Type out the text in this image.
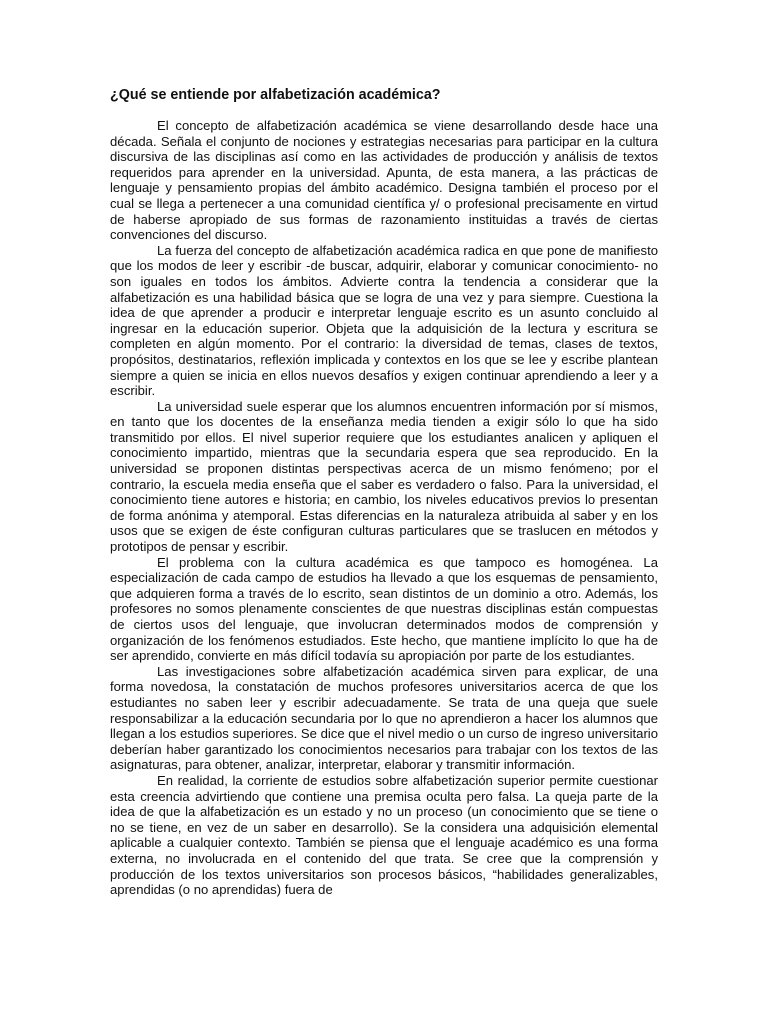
¿Qué se entiende por alfabetización académica?

El concepto de alfabetización académica se viene desarrollando desde hace una década. Señala el conjunto de nociones y estrategias necesarias para participar en la cultura discursiva de las disciplinas así como en las actividades de producción y análisis de textos requeridos para aprender en la universidad. Apunta, de esta manera, a las prácticas de lenguaje y pensamiento propias del ámbito académico. Designa también el proceso por el cual se llega a pertenecer a una comunidad científica y/ o profesional precisamente en virtud de haberse apropiado de sus formas de razonamiento instituidas a través de ciertas convenciones del discurso.

La fuerza del concepto de alfabetización académica radica en que pone de manifiesto que los modos de leer y escribir -de buscar, adquirir, elaborar y comunicar conocimiento- no son iguales en todos los ámbitos. Advierte contra la tendencia a considerar que la alfabetización es una habilidad básica que se logra de una vez y para siempre. Cuestiona la idea de que aprender a producir e interpretar lenguaje escrito es un asunto concluido al ingresar en la educación superior. Objeta que la adquisición de la lectura y escritura se completen en algún momento. Por el contrario: la diversidad de temas, clases de textos, propósitos, destinatarios, reflexión implicada y contextos en los que se lee y escribe plantean siempre a quien se inicia en ellos nuevos desafíos y exigen continuar aprendiendo a leer y a escribir.

La universidad suele esperar que los alumnos encuentren información por sí mismos, en tanto que los docentes de la enseñanza media tienden a exigir sólo lo que ha sido transmitido por ellos. El nivel superior requiere que los estudiantes analicen y apliquen el conocimiento impartido, mientras que la secundaria espera que sea reproducido. En la universidad se proponen distintas perspectivas acerca de un mismo fenómeno; por el contrario, la escuela media enseña que el saber es verdadero o falso. Para la universidad, el conocimiento tiene autores e historia; en cambio, los niveles educativos previos lo presentan de forma anónima y atemporal. Estas diferencias en la naturaleza atribuida al saber y en los usos que se exigen de éste configuran culturas particulares que se traslucen en métodos y prototipos de pensar y escribir.

El problema con la cultura académica es que tampoco es homogénea. La especialización de cada campo de estudios ha llevado a que los esquemas de pensamiento, que adquieren forma a través de lo escrito, sean distintos de un dominio a otro. Además, los profesores no somos plenamente conscientes de que nuestras disciplinas están compuestas de ciertos usos del lenguaje, que involucran determinados modos de comprensión y organización de los fenómenos estudiados. Este hecho, que mantiene implícito lo que ha de ser aprendido, convierte en más difícil todavía su apropiación por parte de los estudiantes.

Las investigaciones sobre alfabetización académica sirven para explicar, de una forma novedosa, la constatación de muchos profesores universitarios acerca de que los estudiantes no saben leer y escribir adecuadamente. Se trata de una queja que suele responsabilizar a la educación secundaria por lo que no aprendieron a hacer los alumnos que llegan a los estudios superiores. Se dice que el nivel medio o un curso de ingreso universitario deberían haber garantizado los conocimientos necesarios para trabajar con los textos de las asignaturas, para obtener, analizar, interpretar, elaborar y transmitir información.

En realidad, la corriente de estudios sobre alfabetización superior permite cuestionar esta creencia advirtiendo que contiene una premisa oculta pero falsa. La queja parte de la idea de que la alfabetización es un estado y no un proceso (un conocimiento que se tiene o no se tiene, en vez de un saber en desarrollo). Se la considera una adquisición elemental aplicable a cualquier contexto. También se piensa que el lenguaje académico es una forma externa, no involucrada en el contenido del que trata. Se cree que la comprensión y producción de los textos universitarios son procesos básicos, “habilidades generalizables, aprendidas (o no aprendidas) fuera de
